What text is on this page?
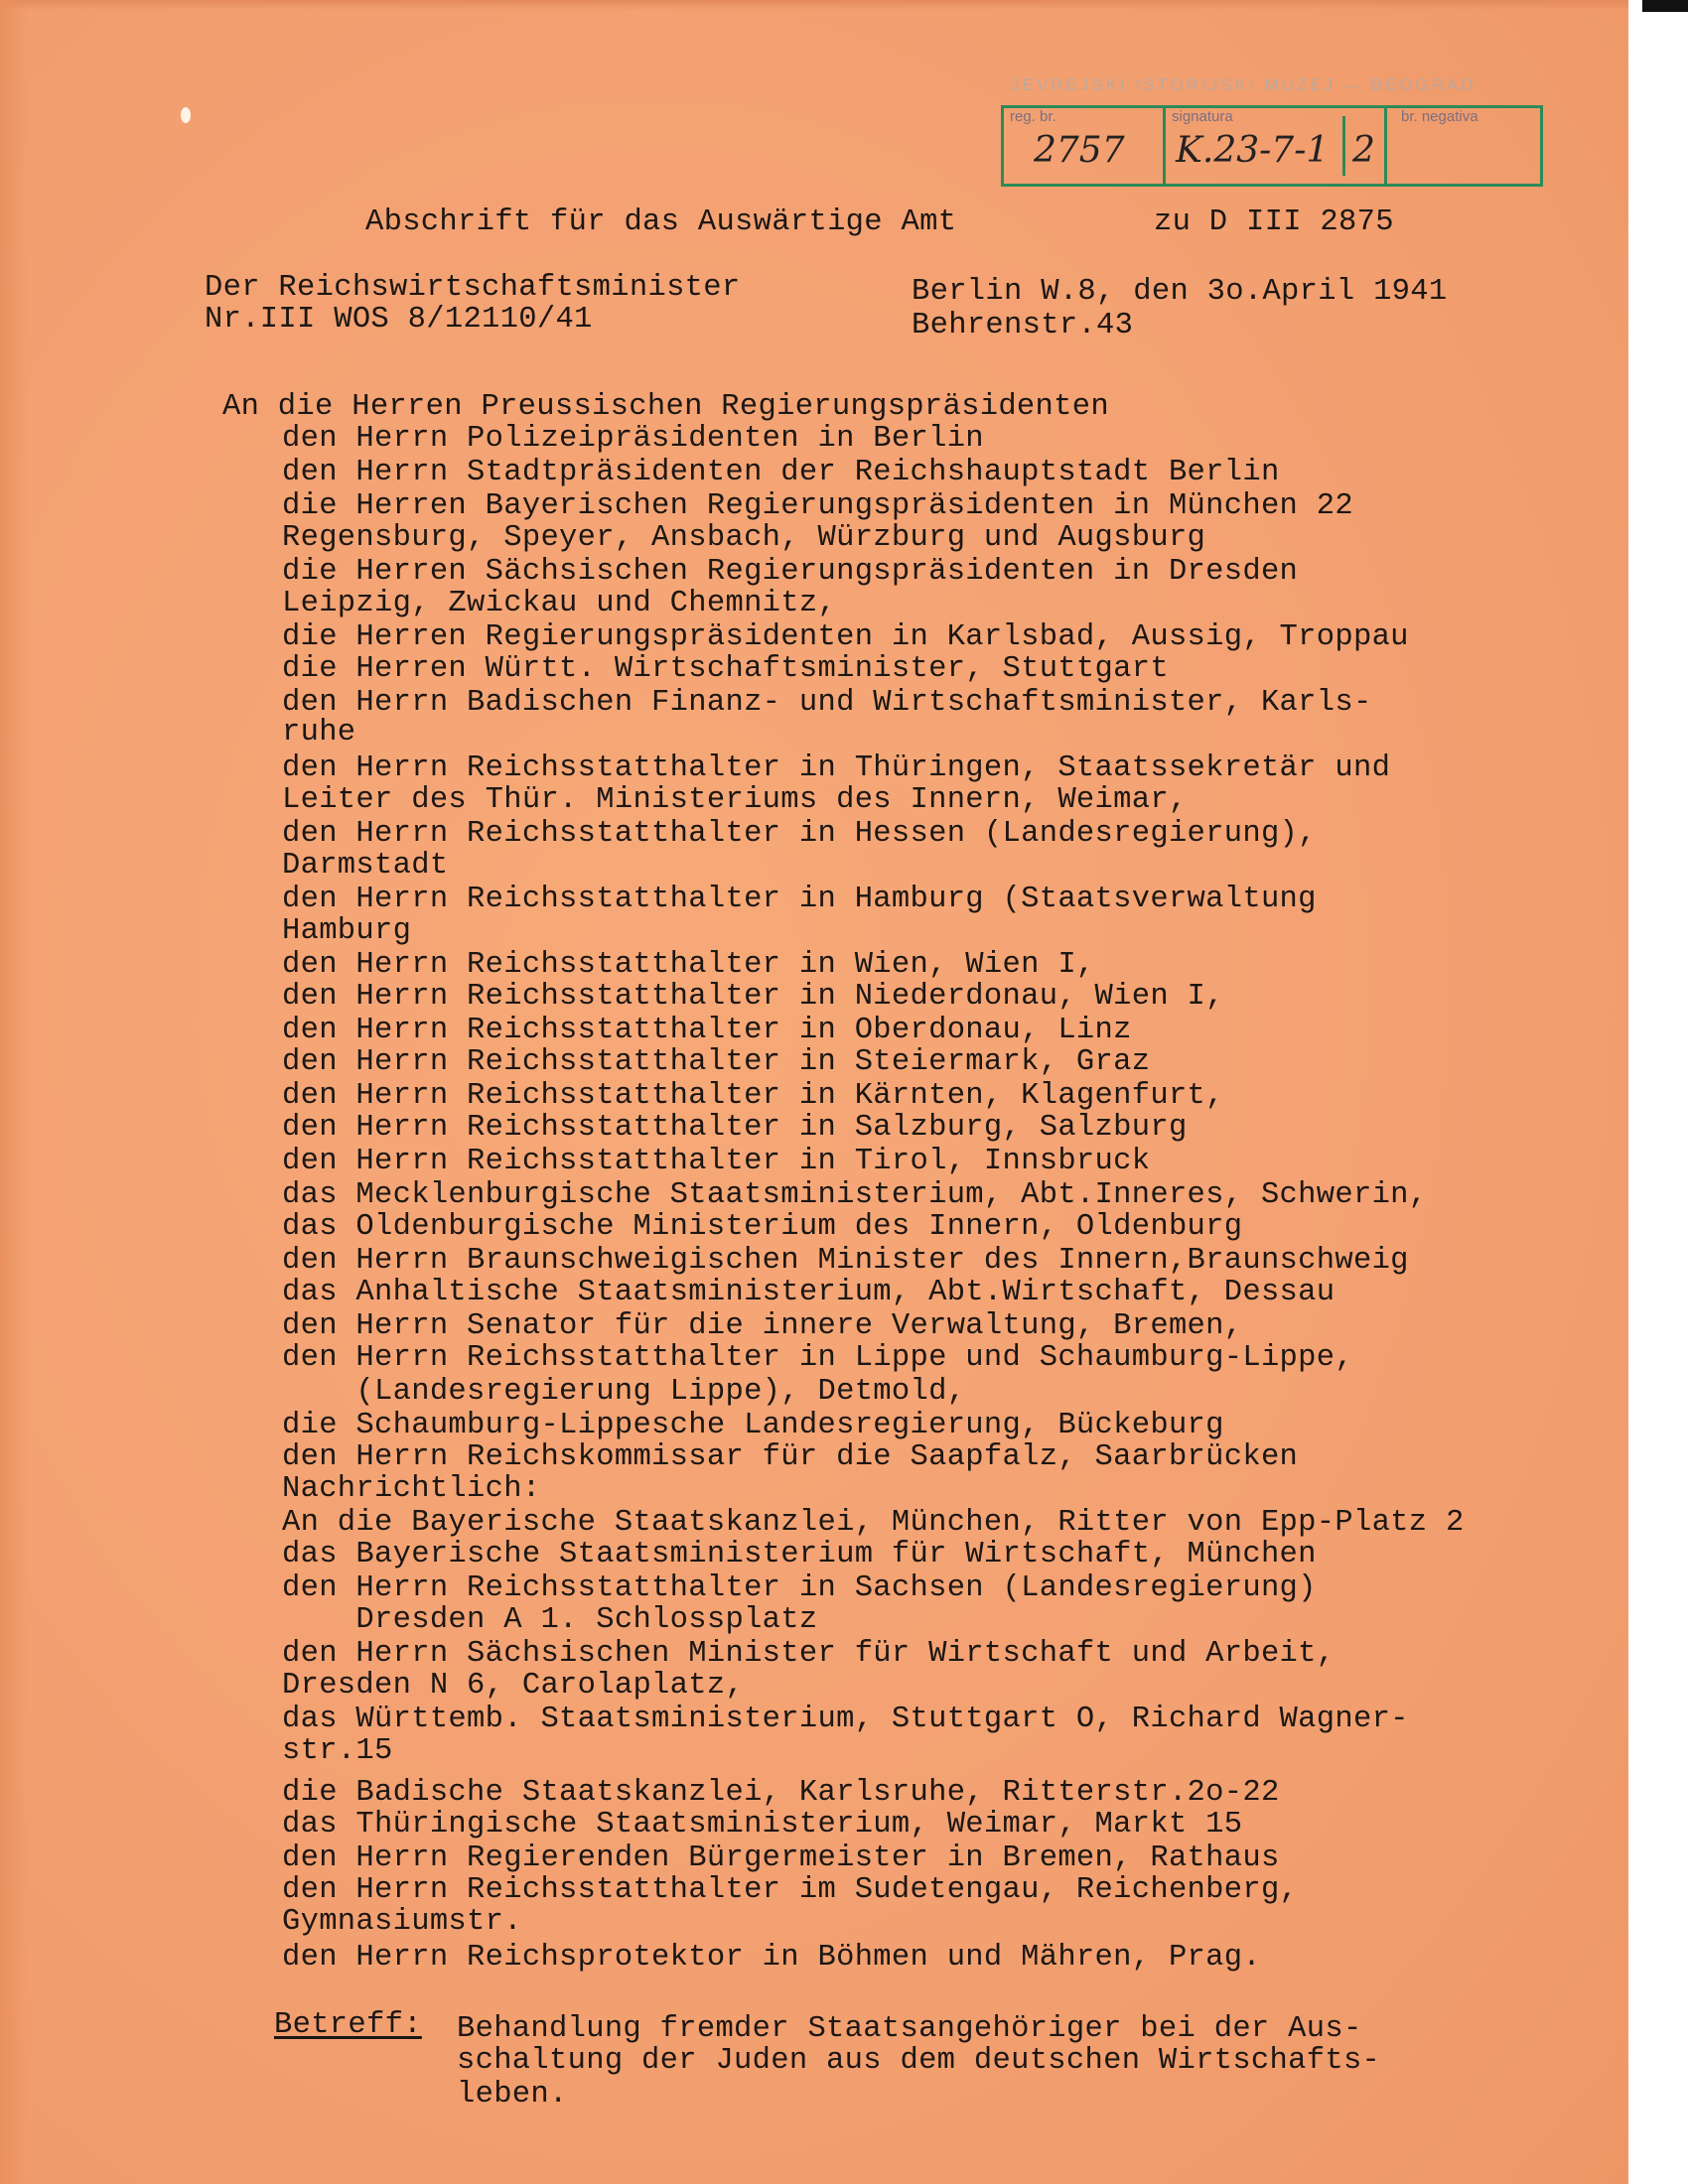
JEVREJSKI ISTORIJSKI MUZEJ — BEOGRAD
reg. br.
2757
signatura
K.23-7-1 2
br. negativa
Abschrift für das Auswärtige Amt	zu D III 2875
Der Reichswirtschaftsminister	Berlin W.8, den 3o.April 1941
Nr.III WOS 8/12110/41	Behrenstr.43
An die Herren Preussischen Regierungspräsidenten
den Herrn Polizeipräsidenten in Berlin
den Herrn Stadtpräsidenten der Reichshauptstadt Berlin
die Herren Bayerischen Regierungspräsidenten in München 22
Regensburg, Speyer, Ansbach, Würzburg und Augsburg
die Herren Sächsischen Regierungspräsidenten in Dresden
Leipzig, Zwickau und Chemnitz,
die Herren Regierungspräsidenten in Karlsbad, Aussig, Troppau
die Herren Württ. Wirtschaftsminister, Stuttgart
den Herrn Badischen Finanz- und Wirtschaftsminister, Karls-
ruhe
den Herrn Reichsstatthalter in Thüringen, Staatssekretär und
Leiter des Thür. Ministeriums des Innern, Weimar,
den Herrn Reichsstatthalter in Hessen (Landesregierung),
Darmstadt
den Herrn Reichsstatthalter in Hamburg (Staatsverwaltung
Hamburg
den Herrn Reichsstatthalter in Wien, Wien I,
den Herrn Reichsstatthalter in Niederdonau, Wien I,
den Herrn Reichsstatthalter in Oberdonau, Linz
den Herrn Reichsstatthalter in Steiermark, Graz
den Herrn Reichsstatthalter in Kärnten, Klagenfurt,
den Herrn Reichsstatthalter in Salzburg, Salzburg
den Herrn Reichsstatthalter in Tirol, Innsbruck
das Mecklenburgische Staatsministerium, Abt.Inneres, Schwerin,
das Oldenburgische Ministerium des Innern, Oldenburg
den Herrn Braunschweigischen Minister des Innern,Braunschweig
das Anhaltische Staatsministerium, Abt.Wirtschaft, Dessau
den Herrn Senator für die innere Verwaltung, Bremen,
den Herrn Reichsstatthalter in Lippe und Schaumburg-Lippe,
(Landesregierung Lippe), Detmold,
die Schaumburg-Lippesche Landesregierung, Bückeburg
den Herrn Reichskommissar für die Saapfalz, Saarbrücken
Nachrichtlich:
An die Bayerische Staatskanzlei, München, Ritter von Epp-Platz 2
das Bayerische Staatsministerium für Wirtschaft, München
den Herrn Reichsstatthalter in Sachsen (Landesregierung)
Dresden A 1. Schlossplatz
den Herrn Sächsischen Minister für Wirtschaft und Arbeit,
Dresden N 6, Carolaplatz,
das Württemb. Staatsministerium, Stuttgart O, Richard Wagner-
str.15
die Badische Staatskanzlei, Karlsruhe, Ritterstr.2o-22
das Thüringische Staatsministerium, Weimar, Markt 15
den Herrn Regierenden Bürgermeister in Bremen, Rathaus
den Herrn Reichsstatthalter im Sudetengau, Reichenberg,
Gymnasiumstr.
den Herrn Reichsprotektor in Böhmen und Mähren, Prag.
Betreff: Behandlung fremder Staatsangehöriger bei der Aus-
schaltung der Juden aus dem deutschen Wirtschafts-
leben.
